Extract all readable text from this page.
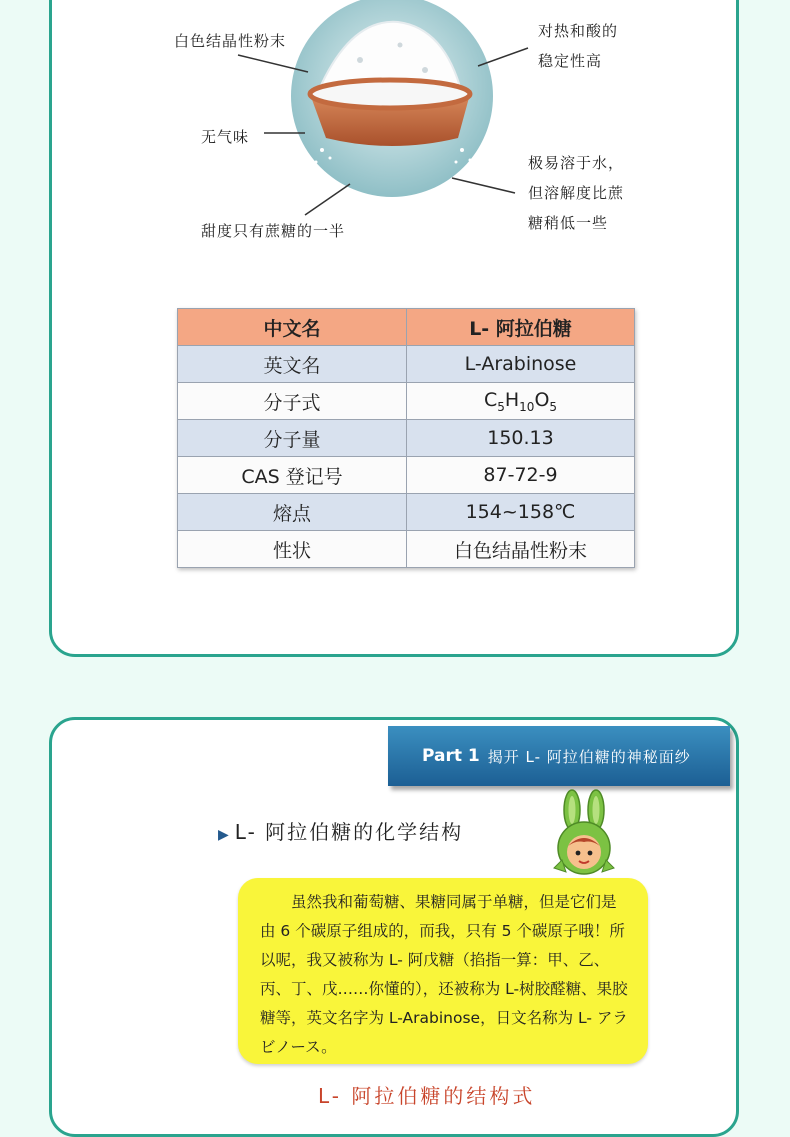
白色结晶性粉末
无气味
甜度只有蔗糖的一半
对热和酸的
稳定性高
极易溶于水，
但溶解度比蔗
糖稍低一些
中文名	L- 阿拉伯糖
英文名	L-Arabinose
分子式	$C_5H_{10}O_5$
分子量	150.13
CAS 登记号	87-72-9
熔点	154~158℃
性状	白色结晶性粉末
Part 1 揭开 L- 阿拉伯糖的神秘面纱
▶ L- 阿拉伯糖的化学结构

虽然我和葡萄糖、果糖同属于单糖，但是它们是由 6 个碳原子组成的，而我，只有 5 个碳原子哦！所以呢，我又被称为 L- 阿戊糖（掐指一算：甲、乙、丙、丁、戊……你懂的），还被称为 L-树胶醛糖、果胶糖等，英文名字为 L-Arabinose，日文名称为 L- アラビノース。

L- 阿拉伯糖的结构式
